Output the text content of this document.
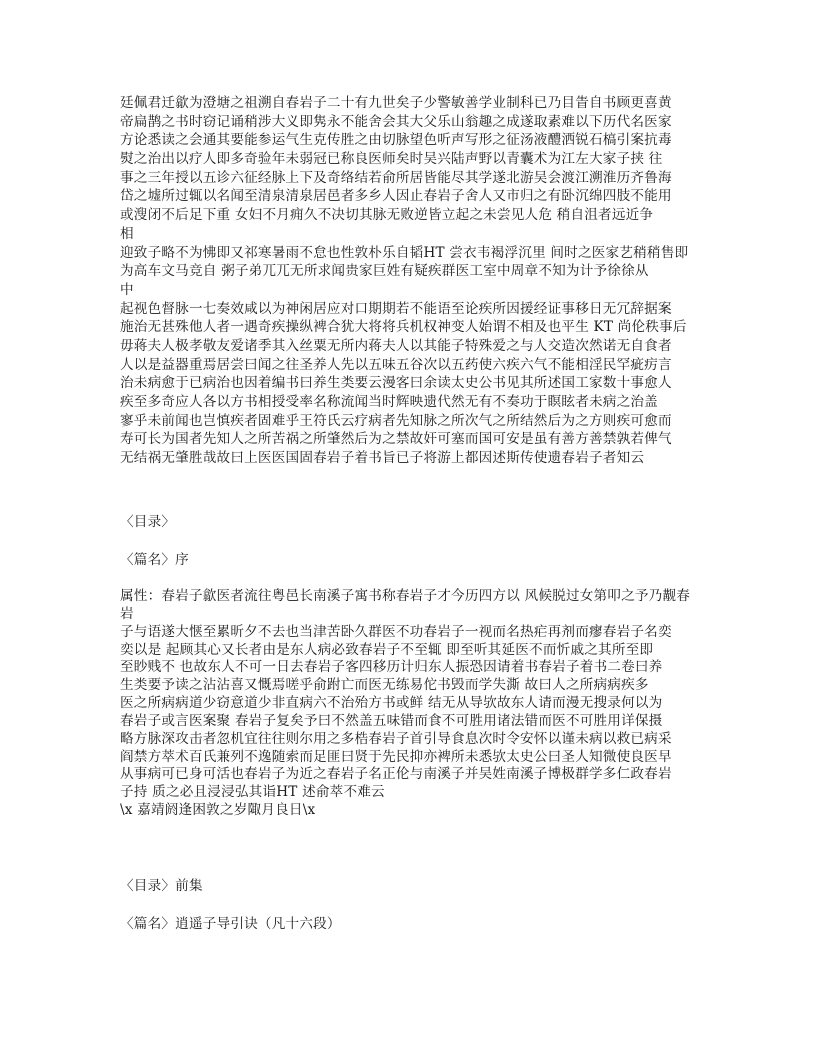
廷佩君迁歙为澄塘之祖溯自春岩子二十有九世矣子少警敏善学业制科已乃目眚自书顾更喜黄
帝扁鹊之书时窃记诵稍涉大义即隽永不能舍会其大父乐山翁趣之成遂取素难以下历代名医家
方论悉读之会通其要能参运气生克传胜之由切脉望色听声写形之征汤液醴洒锐石槁引案抗毒
熨之治出以疗人即多奇验年未弱冠已称良医师矣时吴兴陆声野以青囊术为江左大家子挟 往
事之三年授以五诊六征经脉上下及奇络结若俞所居皆能尽其学遂北游吴会渡江溯淮历齐鲁海
岱之墟所过辄以名闻至清泉清泉居邑者多乡人因止春岩子舍人又市归之有卧沉绵四肢不能用
或溲闭不后足下重 女妇不月痈久不决切其脉无败逆皆立起之未尝见人危 稍自沮者远近争
相
迎致子略不为怫即又祁寒暑雨不怠也性敦朴乐自韬HT 尝衣韦褐浮沉里 间时之医家艺稍稍售即
为高车文马竞自 粥子弟兀兀无所求闻贵家巨姓有疑疾群医工室中周章不知为计予徐徐从
中
起视色督脉一七奏效咸以为神闲居应对口期期若不能语至论疾所因援经证事移日无冗辞据案
施治无甚殊他人者一遇奇疾操纵裨合犹大将将兵机权神变人始谓不相及也平生 KT 尚伦秩事后
毋蒋夫人极孝敬友爱诸季其入丝粟无所内蒋夫人以其能子特殊爱之与人交造次然诺无自食者
人以是益器重焉居尝曰闻之往圣养人先以五味五谷次以五药使六疾六气不能相淫民罕疵疠言
治未病愈于已病治也因着编书曰养生类要云漫客曰余读太史公书见其所述国工家数十事愈人
疾至多奇应人各以方书相授受率名称流闻当时辉映遗代然无有不奏功于瞑眩者未病之治盖
寥乎未前闻也岂慎疾者固难乎王符氏云疗病者先知脉之所次气之所结然后为之方则疾可愈而
寿可长为国者先知人之所苦祸之所肇然后为之禁故奸可塞而国可安是虽有善方善禁孰若俾气
无结祸无肇胜哉故曰上医医国固春岩子着书旨已子将游上都因述斯传使遗春岩子者知云
〈目录〉
〈篇名〉序
属性：春岩子歙医者流往粤邑长南溪子寓书称春岩子才今历四方以 风候脱过女第叩之予乃觏春
岩
子与语遂大惬至累昕夕不去也当津苦卧久群医不功春岩子一视而名热疟再剂而瘳春岩子名奕
奕以是 起顾其心又长者由是东人病必致春岩子不至辄 即至听其延医不而忻戚之其所至即
至眇贱不 也故东人不可一日去春岩子客四移历计归东人振恐因请着书春岩子着书二卷曰养
生类要予读之沾沾喜又慨焉嗟乎俞跗亡而医无练易佗书毁而学失澌 故曰人之所病病疾多
医之所病病道少窃意道少非直病六不治殆方书或鲜 结无从导欤故东人请而漫无搜录何以为
春岩子或言医案聚 春岩子复矣予曰不然盖五味错而食不可胜用诸法错而医不可胜用详保摄
略方脉深攻击者忽机宜往往则尔用之多梏春岩子首引导食息次时令安怀以谨未病以救已病采
阎禁方萃术百氏兼列不逸随索而足匪曰贤于先民抑亦裨所未悉欤太史公曰圣人知微使良医早
从事病可已身可活也春岩子为近之春岩子名正伦与南溪子并吴姓南溪子博极群学多仁政春岩
子持 质之必且浸浸弘其诣HT 述俞萃不难云
\x 嘉靖阏逢困敦之岁陬月良日\x
〈目录〉前集
〈篇名〉逍遥子导引诀（凡十六段）
